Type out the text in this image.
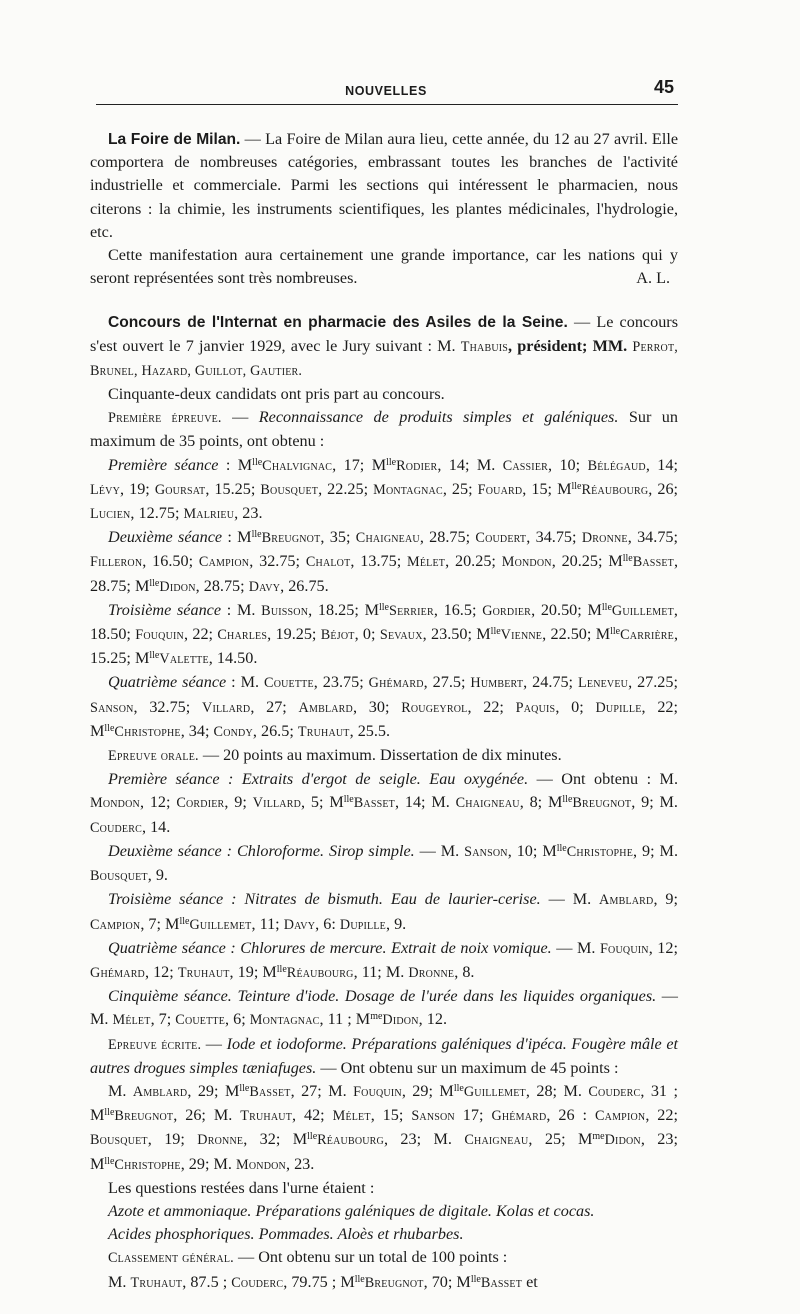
NOUVELLES	45

La Foire de Milan. — La Foire de Milan aura lieu, cette année, du 12 au 27 avril. Elle comportera de nombreuses catégories, embrassant toutes les branches de l'activité industrielle et commerciale. Parmi les sections qui intéressent le pharmacien, nous citerons : la chimie, les instruments scientifiques, les plantes médicinales, l'hydrologie, etc.

Cette manifestation aura certainement une grande importance, car les nations qui y seront représentées sont très nombreuses.	A. L.

Concours de l'Internat en pharmacie des Asiles de la Seine. — Le concours s'est ouvert le 7 janvier 1929, avec le Jury suivant : M. Thabuis, président; MM. Perrot, Brunel, Hazard, Guillot, Gautier.

Cinquante-deux candidats ont pris part au concours.

Première épreuve. — Reconnaissance de produits simples et galéniques. Sur un maximum de 35 points, ont obtenu :

Première séance : $M^{lle}Chalvignac$, 17; $M^{lle}Rodier$, 14; M. Cassier, 10; Bélégaud, 14; Lévy, 19; Goursat, 15.25; Bousquet, 22.25; Montagnac, 25; Fouard, 15; $M^{lle}Réaubourg$, 26; Lucien, 12.75; Malrieu, 23.

Deuxième séance : $M^{lle}Breugnot$, 35; Chaigneau, 28.75; Coudert, 34.75; Dronne, 34.75; Filleron, 16.50; Campion, 32.75; Chalot, 13.75; Mélet, 20.25; Mondon, 20.25; $M^{lle}Basset$, 28.75; $M^{lle}Didon$, 28.75; Davy, 26.75.

Troisième séance : M. Buisson, 18.25; $M^{lle}Serrier$, 16.5; Gordier, 20.50; $M^{lle}Guillemet$, 18.50; Fouquin, 22; Charles, 19.25; Béjot, 0; Sevaux, 23.50; $M^{lle}Vienne$, 22.50; $M^{lle}Carrière$, 15.25; $M^{lle}Valette$, 14.50.

Quatrième séance : M. Couette, 23.75; Ghémard, 27.5; Humbert, 24.75; Leneveu, 27.25; Sanson, 32.75; Villard, 27; Amblard, 30; Rougeyrol, 22; Paquis, 0; Dupille, 22; $M^{lle}Christophe$, 34; Condy, 26.5; Truhaut, 25.5.

Epreuve orale. — 20 points au maximum. Dissertation de dix minutes.

Première séance : Extraits d'ergot de seigle. Eau oxygénée. — Ont obtenu : M. Mondon, 12; Cordier, 9; Villard, 5; $M^{lle}Basset$, 14; M. Chaigneau, 8; $M^{lle}Breugnot$, 9; M. Couderc, 14.

Deuxième séance : Chloroforme. Sirop simple. — M. Sanson, 10; $M^{lle}Christophe$, 9; M. Bousquet, 9.

Troisième séance : Nitrates de bismuth. Eau de laurier-cerise. — M. Amblard, 9; Campion, 7; $M^{lle}Guillemet$, 11; Davy, 6: Dupille, 9.

Quatrième séance : Chlorures de mercure. Extrait de noix vomique. — M. Fouquin, 12; Ghémard, 12; Truhaut, 19; $M^{lle}Réaubourg$, 11; M. Dronne, 8.

Cinquième séance. Teinture d'iode. Dosage de l'urée dans les liquides organiques. — M. Mélet, 7; Couette, 6; Montagnac, 11 ; $M^{me}Didon$, 12.

Epreuve écrite. — Iode et iodoforme. Préparations galéniques d'ipéca. Fougère mâle et autres drogues simples tæniafuges. — Ont obtenu sur un maximum de 45 points :

M. Amblard, 29; $M^{lle}Basset$, 27; M. Fouquin, 29; $M^{lle}Guillemet$, 28; M. Couderc, 31 ; $M^{lle}Breugnot$, 26; M. Truhaut, 42; Mélet, 15; Sanson 17; Ghémard, 26 : Campion, 22; Bousquet, 19; Dronne, 32; $M^{lle}Réaubourg$, 23; M. Chaigneau, 25; $M^{me}Didon$, 23; $M^{lle}Christophe$, 29; M. Mondon, 23.

Les questions restées dans l'urne étaient :

Azote et ammoniaque. Préparations galéniques de digitale. Kolas et cocas.

Acides phosphoriques. Pommades. Aloès et rhubarbes.

Classement général. — Ont obtenu sur un total de 100 points :

M. Truhaut, 87.5 ; Couderc, 79.75 ; $M^{lle}Breugnot$, 70; $M^{lle}Basset$ et
